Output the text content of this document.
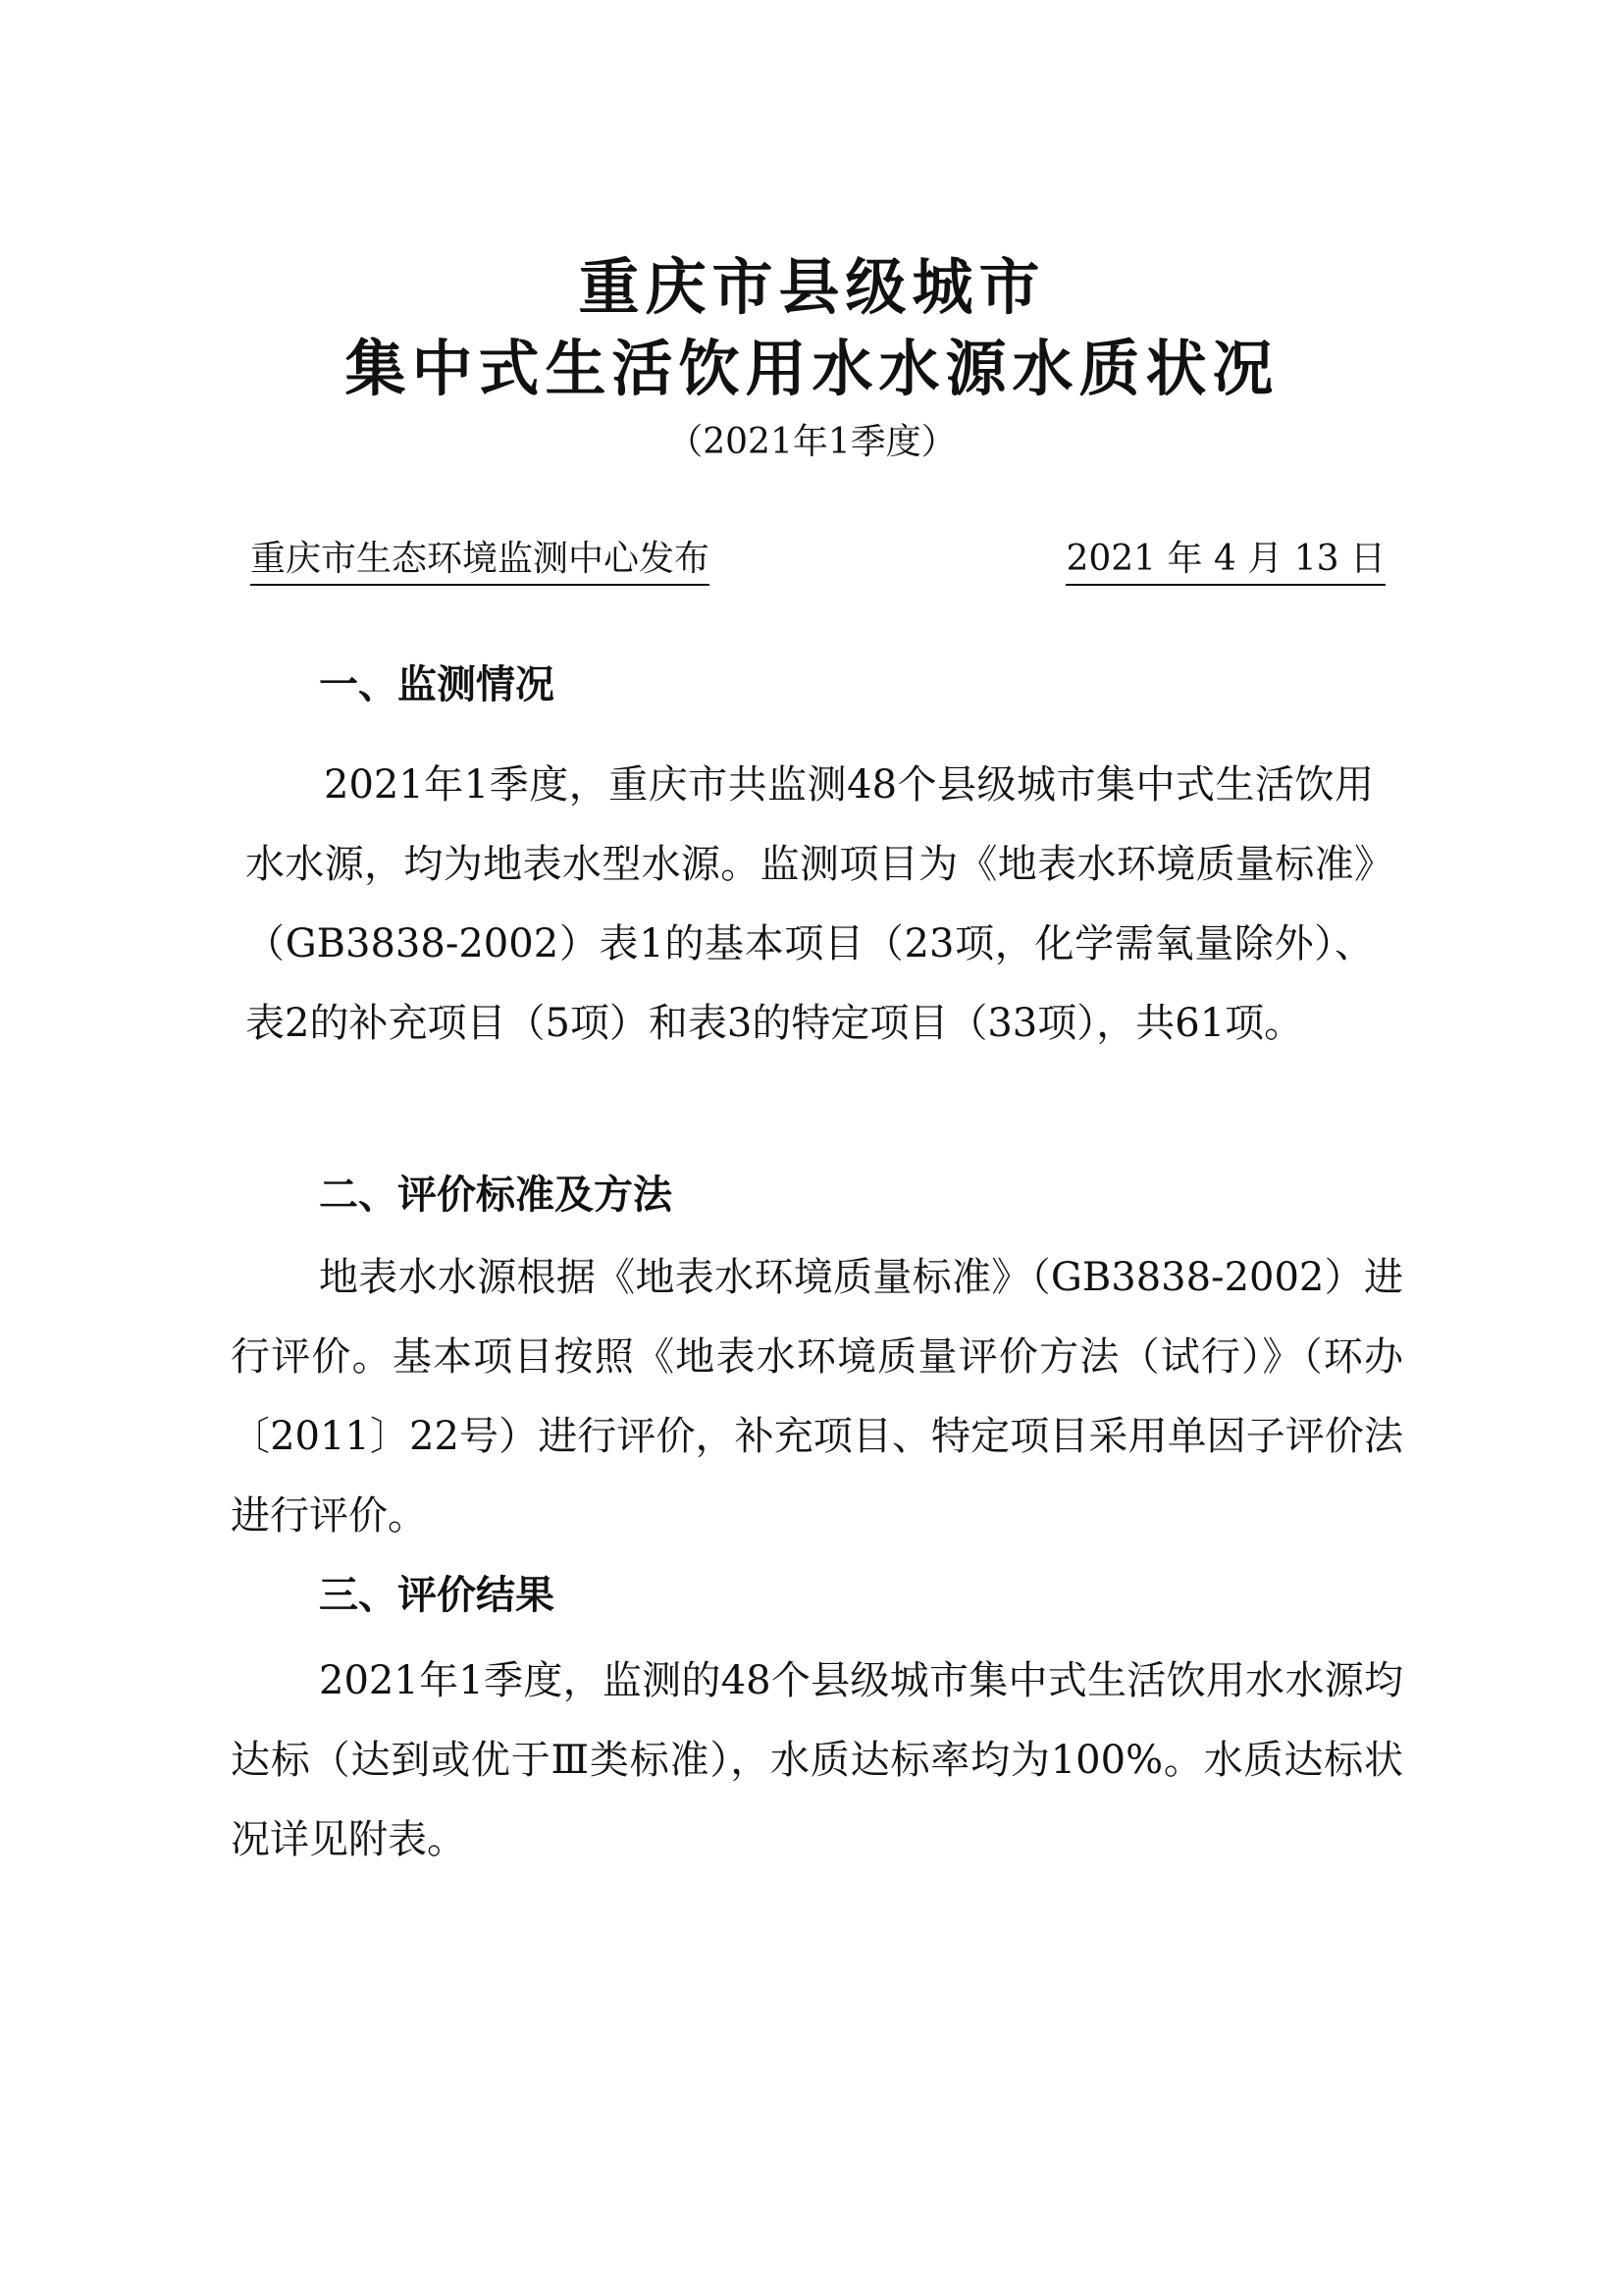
重庆市县级城市
集中式生活饮用水水源水质状况
（2021年1季度）
重庆市生态环境监测中心发布	2021 年 4 月 13 日
一、监测情况

2021年1季度，重庆市共监测48个县级城市集中式生活饮用水水源，均为地表水型水源。监测项目为《地表水环境质量标准》（GB3838-2002）表1的基本项目（23项，化学需氧量除外）、表2的补充项目（5项）和表3的特定项目（33项），共61项。

二、评价标准及方法

地表水水源根据《地表水环境质量标准》（GB3838-2002）进行评价。基本项目按照《地表水环境质量评价方法（试行）》（环办〔2011〕22号）进行评价，补充项目、特定项目采用单因子评价法进行评价。

三、评价结果

2021年1季度，监测的48个县级城市集中式生活饮用水水源均达标（达到或优于Ⅲ类标准），水质达标率均为100%。水质达标状况详见附表。
